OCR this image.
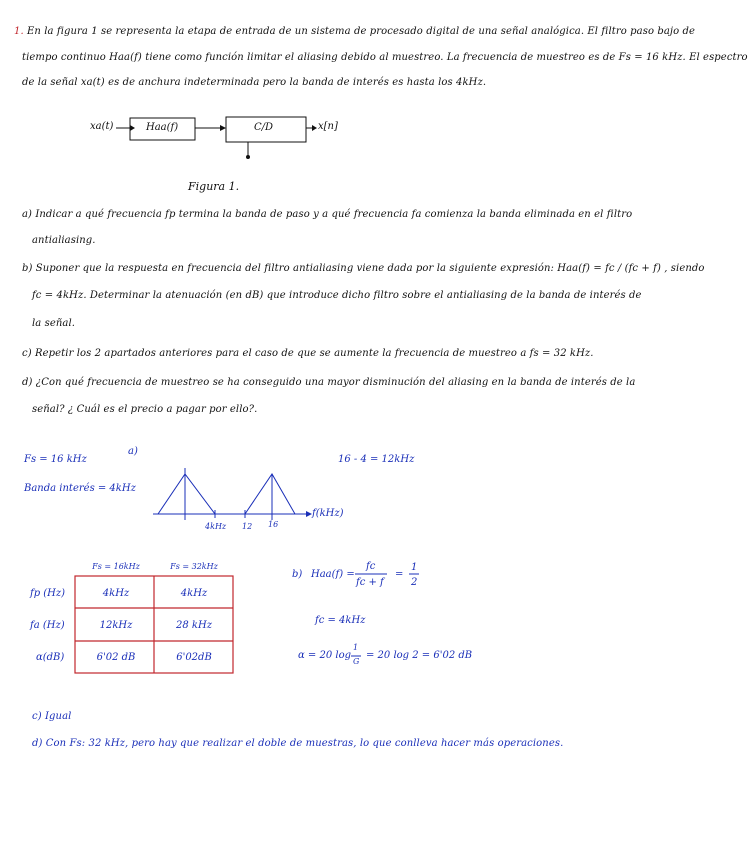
1. En la figura 1 se representa la etapa de entrada de un sistema de procesado digital de una señal analógica. El filtro paso bajo de
tiempo continuo Haa(f) tiene como función limitar el aliasing debido al muestreo. La frecuencia de muestreo es de Fs = 16 kHz. El espectro
de la señal xa(t) es de anchura indeterminada pero la banda de interés es hasta los 4kHz.
xa(t)	Haa(f)	C/D	x[n]
Figura 1.
a) Indicar a qué frecuencia fp termina la banda de paso y a qué frecuencia fa comienza la banda eliminada en el filtro
antialiasing.
b) Suponer que la respuesta en frecuencia del filtro antialiasing viene dada por la siguiente expresión: Haa(f) = fc / (fc + f) , siendo
fc = 4kHz. Determinar la atenuación (en dB) que introduce dicho filtro sobre el antialiasing de la banda de interés de
la señal.
c) Repetir los 2 apartados anteriores para el caso de que se aumente la frecuencia de muestreo a fs = 32 kHz.
d) ¿Con qué frecuencia de muestreo se ha conseguido una mayor disminución del aliasing en la banda de interés de la
señal? ¿ Cuál es el precio a pagar por ello?.
Fs = 16 kHz
Banda interés = 4kHz
a)
16 - 4 = 12kHz
f(kHz)
4kHz 12 16
Fs = 16kHz	Fs = 32kHz
fp (Hz)	4kHz	4kHz
fa (Hz)	12kHz	28 kHz
α(dB)	6'02 dB	6'02dB
b) Haa(f) =
fc
fc + f
=
1
2
fc = 4kHz
α = 20 log
1
G
= 20 log 2 = 6'02 dB
c) Igual
d) Con Fs: 32 kHz, pero hay que realizar el doble de muestras, lo que conlleva hacer más operaciones.
